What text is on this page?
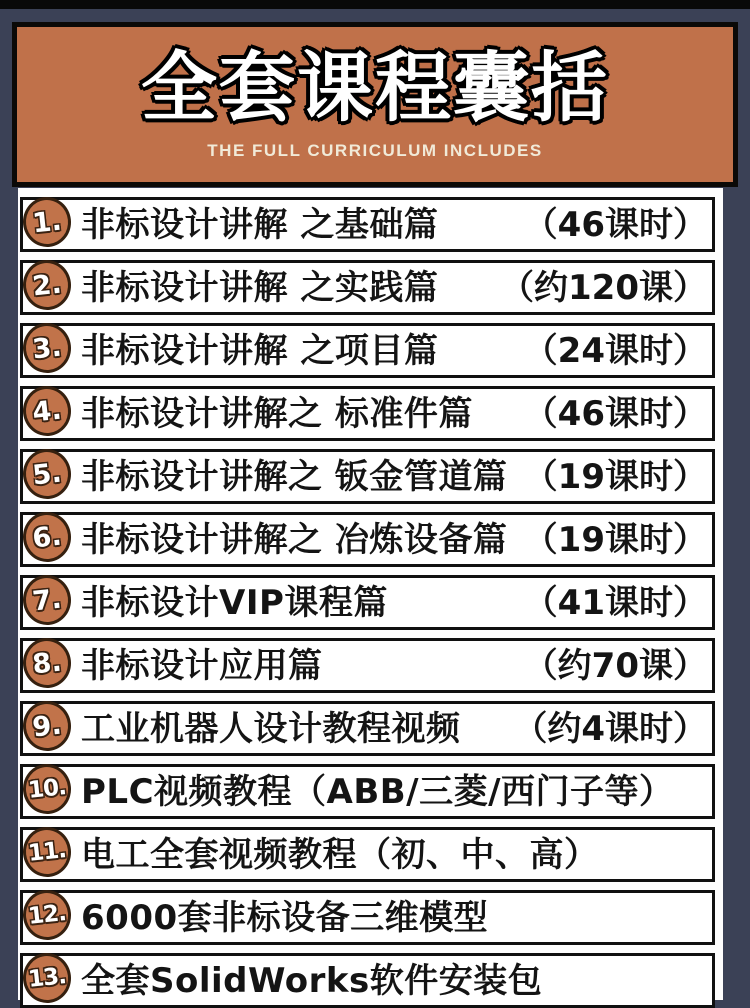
全套课程囊括
THE FULL CURRICULUM INCLUDES
1. 非标设计讲解 之基础篇	（46课时）
2. 非标设计讲解 之实践篇 （约120课）
3. 非标设计讲解 之项目篇	（24课时）
4. 非标设计讲解之 标准件篇 （46课时）
5. 非标设计讲解之 钣金管道篇 （19课时）
6. 非标设计讲解之 冶炼设备篇 （19课时）
7. 非标设计VIP课程篇	（41课时）
8. 非标设计应用篇	（约70课）
9. 工业机器人设计教程视频 （约4课时）
10. PLC视频教程（ABB/三菱/西门子等）
11. 电工全套视频教程（初、中、高）
12. 6000套非标设备三维模型
13. 全套SolidWorks软件安装包
